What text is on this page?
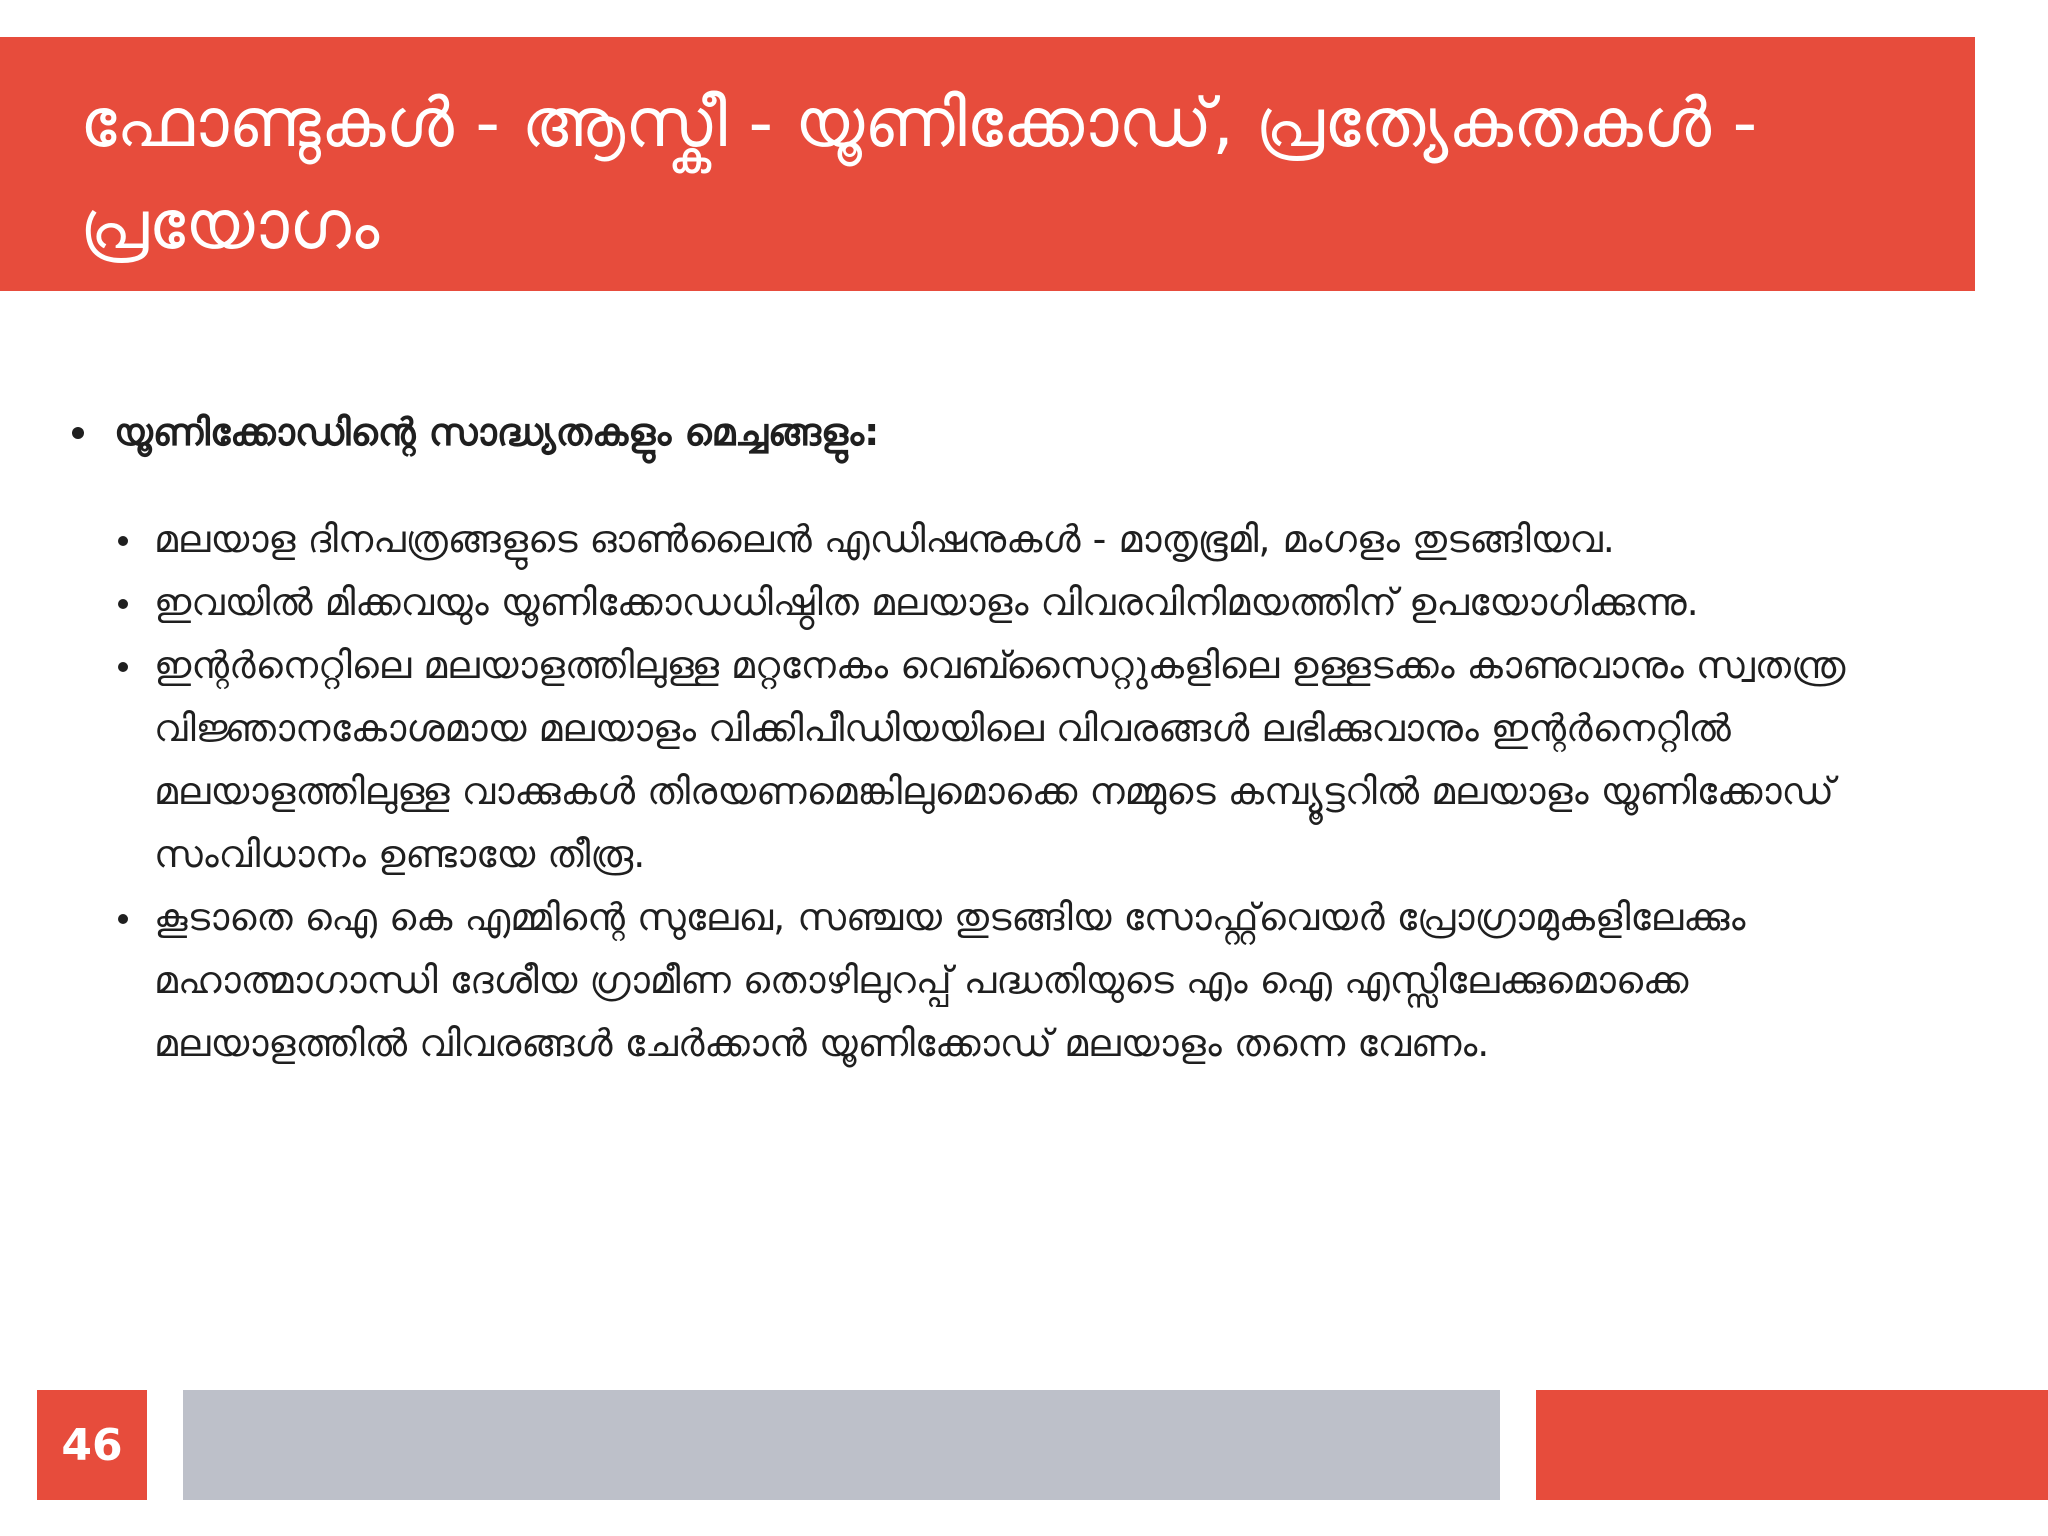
ഫോണ്ടുകൾ - ആസ്കീ - യൂണിക്കോഡ്, പ്രത്യേകതകൾ - പ്രയോഗം
യൂണിക്കോഡിന്റെ സാദ്ധ്യതകളും മെച്ചങ്ങളും:
മലയാള ദിനപത്രങ്ങളുടെ ഓൺലൈൻ എഡിഷനുകൾ - മാതൃഭൂമി, മംഗളം തുടങ്ങിയവ.
ഇവയിൽ മിക്കവയും യൂണിക്കോഡധിഷ്ഠിത മലയാളം വിവരവിനിമയത്തിന് ഉപയോഗിക്കുന്നു.
ഇന്റർനെറ്റിലെ മലയാളത്തിലുള്ള മറ്റനേകം വെബ്സൈറ്റുകളിലെ ഉള്ളടക്കം കാണുവാനും സ്വതന്ത്ര വിജ്ഞാനകോശമായ മലയാളം വിക്കിപീഡിയയിലെ വിവരങ്ങൾ ലഭിക്കുവാനും ഇന്റർനെറ്റിൽ മലയാളത്തിലുള്ള വാക്കുകൾ തിരയണമെങ്കിലുമൊക്കെ നമ്മുടെ കമ്പ്യൂട്ടറിൽ മലയാളം യൂണിക്കോഡ് സംവിധാനം ഉണ്ടായേ തീരൂ.
കൂടാതെ ഐ കെ എമ്മിന്റെ സുലേഖ, സഞ്ചയ തുടങ്ങിയ സോഫ്റ്റ്‌വെയർ പ്രോഗ്രാമുകളിലേക്കും മഹാത്മാഗാന്ധി ദേശീയ ഗ്രാമീണ തൊഴിലുറപ്പ് പദ്ധതിയുടെ എം ഐ എസ്സിലേക്കുമൊക്കെ മലയാളത്തിൽ വിവരങ്ങൾ ചേർക്കാൻ യൂണിക്കോഡ് മലയാളം തന്നെ വേണം.
46
